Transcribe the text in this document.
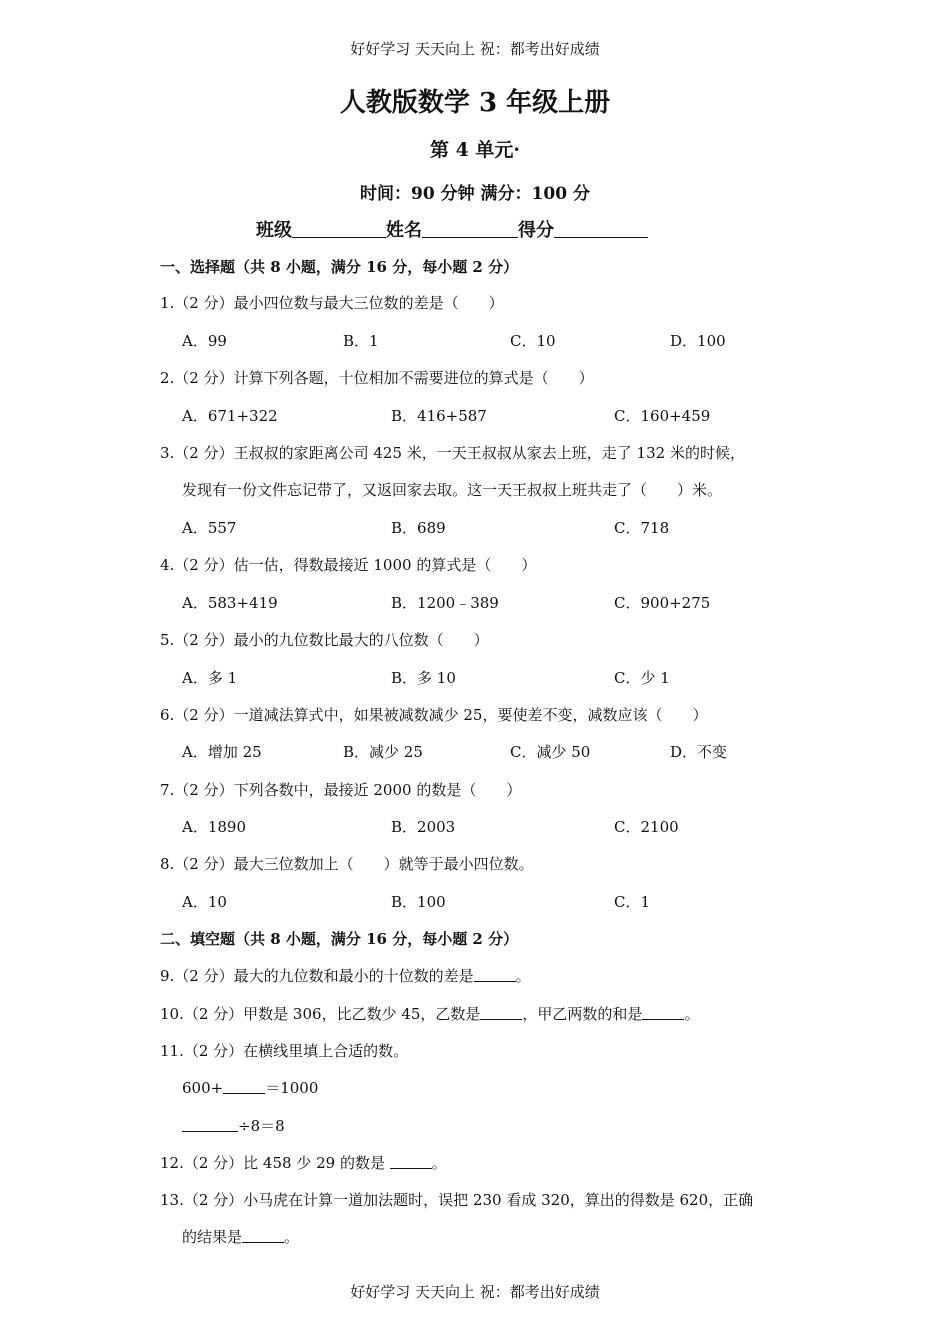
好好学习 天天向上 祝：都考出好成绩
人教版数学 3 年级上册
第 4 单元·
时间：90 分钟 满分：100 分
班级	姓名	得分
一、选择题（共 8 小题，满分 16 分，每小题 2 分）
1.（2 分）最小四位数与最大三位数的差是（　　）
A．99	B．1	C．10	D．100
2.（2 分）计算下列各题，十位相加不需要进位的算式是（　　）
A．671+322	B．416+587	C．160+459
3.（2 分）王叔叔的家距离公司 425 米，一天王叔叔从家去上班，走了 132 米的时候，
发现有一份文件忘记带了，又返回家去取。这一天王叔叔上班共走了（　　）米。
A．557	B．689	C．718
4.（2 分）估一估，得数最接近 1000 的算式是（　　）
A．583+419	B．1200﹣389	C．900+275
5.（2 分）最小的九位数比最大的八位数（　　）
A．多 1	B．多 10	C．少 1
6.（2 分）一道减法算式中，如果被减数减少 25，要使差不变，减数应该（　　）
A．增加 25	B．减少 25	C．减少 50	D．不变
7.（2 分）下列各数中，最接近 2000 的数是（　　）
A．1890	B．2003	C．2100
8.（2 分）最大三位数加上（　　）就等于最小四位数。
A．10	B．100	C．1
二、填空题（共 8 小题，满分 16 分，每小题 2 分）
9.（2 分）最大的九位数和最小的十位数的差是	。
10.（2 分）甲数是 306，比乙数少 45，乙数是	，甲乙两数的和是	。
11.（2 分）在横线里填上合适的数。
600+	＝1000
÷8＝8
12.（2 分）比 458 少 29 的数是	。
13.（2 分）小马虎在计算一道加法题时，误把 230 看成 320，算出的得数是 620，正确
的结果是	。
好好学习 天天向上 祝：都考出好成绩
